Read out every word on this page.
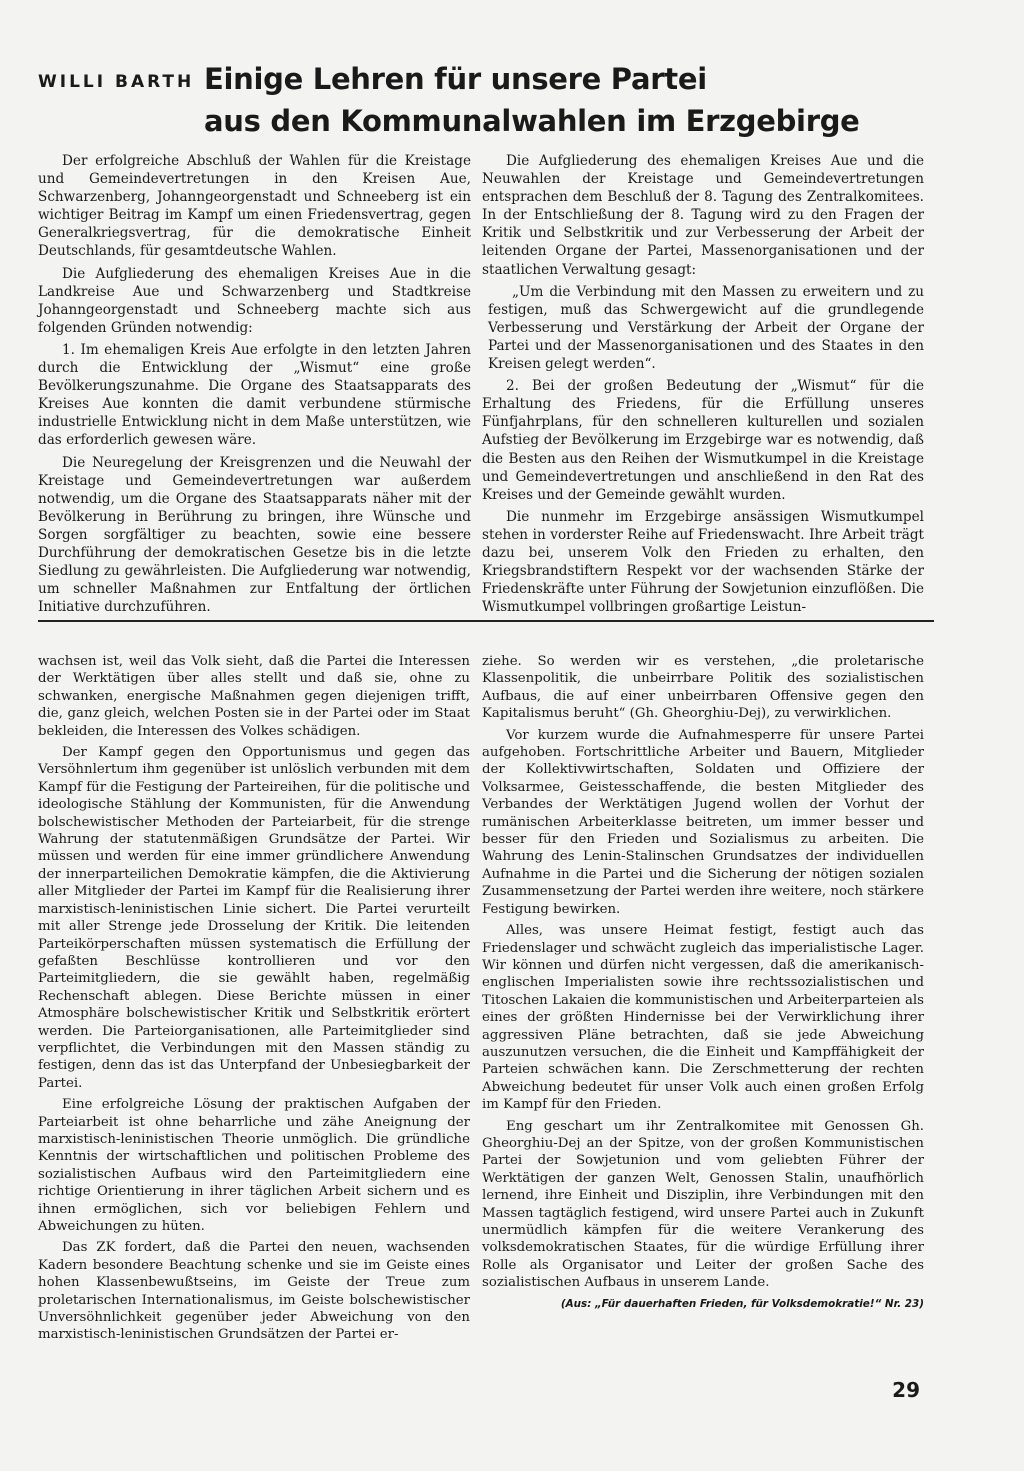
WILLI BARTH Einige Lehren für unsere Partei
aus den Kommunalwahlen im Erzgebirge

Der erfolgreiche Abschluß der Wahlen für die Kreistage und Gemeindevertretungen in den Kreisen Aue, Schwarzenberg, Johanngeorgenstadt und Schneeberg ist ein wichtiger Beitrag im Kampf um einen Friedensvertrag, gegen Generalkriegsvertrag, für die demokratische Einheit Deutschlands, für gesamtdeutsche Wahlen.

Die Aufgliederung des ehemaligen Kreises Aue in die Landkreise Aue und Schwarzenberg und Stadtkreise Johanngeorgenstadt und Schneeberg machte sich aus folgenden Gründen notwendig:

1. Im ehemaligen Kreis Aue erfolgte in den letzten Jahren durch die Entwicklung der „Wismut“ eine große Bevölkerungszunahme. Die Organe des Staatsapparats des Kreises Aue konnten die damit verbundene stürmische industrielle Entwicklung nicht in dem Maße unterstützen, wie das erforderlich gewesen wäre.

Die Neuregelung der Kreisgrenzen und die Neuwahl der Kreistage und Gemeindevertretungen war außerdem notwendig, um die Organe des Staatsapparats näher mit der Bevölkerung in Berührung zu bringen, ihre Wünsche und Sorgen sorgfältiger zu beachten, sowie eine bessere Durchführung der demokratischen Gesetze bis in die letzte Siedlung zu gewährleisten. Die Aufgliederung war notwendig, um schneller Maßnahmen zur Entfaltung der örtlichen Initiative durchzuführen.

Die Aufgliederung des ehemaligen Kreises Aue und die Neuwahlen der Kreistage und Gemeindevertretungen entsprachen dem Beschluß der 8. Tagung des Zentralkomitees. In der Entschließung der 8. Tagung wird zu den Fragen der Kritik und Selbstkritik und zur Verbesserung der Arbeit der leitenden Organe der Partei, Massenorganisationen und der staatlichen Verwaltung gesagt:

„Um die Verbindung mit den Massen zu erweitern und zu festigen, muß das Schwergewicht auf die grundlegende Verbesserung und Verstärkung der Arbeit der Organe der Partei und der Massenorganisationen und des Staates in den Kreisen gelegt werden“.

2. Bei der großen Bedeutung der „Wismut“ für die Erhaltung des Friedens, für die Erfüllung unseres Fünfjahrplans, für den schnelleren kulturellen und sozialen Aufstieg der Bevölkerung im Erzgebirge war es notwendig, daß die Besten aus den Reihen der Wismutkumpel in die Kreistage und Gemeindevertretungen und anschließend in den Rat des Kreises und der Gemeinde gewählt wurden.

Die nunmehr im Erzgebirge ansässigen Wismutkumpel stehen in vorderster Reihe auf Friedenswacht. Ihre Arbeit trägt dazu bei, unserem Volk den Frieden zu erhalten, den Kriegsbrandstiftern Respekt vor der wachsenden Stärke der Friedenskräfte unter Führung der Sowjetunion einzuflößen. Die Wismutkumpel vollbringen großartige Leistun-

wachsen ist, weil das Volk sieht, daß die Partei die Interessen der Werktätigen über alles stellt und daß sie, ohne zu schwanken, energische Maßnahmen gegen diejenigen trifft, die, ganz gleich, welchen Posten sie in der Partei oder im Staat bekleiden, die Interessen des Volkes schädigen.

Der Kampf gegen den Opportunismus und gegen das Versöhnlertum ihm gegenüber ist unlöslich verbunden mit dem Kampf für die Festigung der Parteireihen, für die politische und ideologische Stählung der Kommunisten, für die Anwendung bolschewistischer Methoden der Parteiarbeit, für die strenge Wahrung der statutenmäßigen Grundsätze der Partei. Wir müssen und werden für eine immer gründlichere Anwendung der innerparteilichen Demokratie kämpfen, die die Aktivierung aller Mitglieder der Partei im Kampf für die Realisierung ihrer marxistisch-leninistischen Linie sichert. Die Partei verurteilt mit aller Strenge jede Drosselung der Kritik. Die leitenden Parteikörperschaften müssen systematisch die Erfüllung der gefaßten Beschlüsse kontrollieren und vor den Parteimitgliedern, die sie gewählt haben, regelmäßig Rechenschaft ablegen. Diese Berichte müssen in einer Atmosphäre bolschewistischer Kritik und Selbstkritik erörtert werden. Die Parteiorganisationen, alle Parteimitglieder sind verpflichtet, die Verbindungen mit den Massen ständig zu festigen, denn das ist das Unterpfand der Unbesiegbarkeit der Partei.

Eine erfolgreiche Lösung der praktischen Aufgaben der Parteiarbeit ist ohne beharrliche und zähe Aneignung der marxistisch-leninistischen Theorie unmöglich. Die gründliche Kenntnis der wirtschaftlichen und politischen Probleme des sozialistischen Aufbaus wird den Parteimitgliedern eine richtige Orientierung in ihrer täglichen Arbeit sichern und es ihnen ermöglichen, sich vor beliebigen Fehlern und Abweichungen zu hüten.

Das ZK fordert, daß die Partei den neuen, wachsenden Kadern besondere Beachtung schenke und sie im Geiste eines hohen Klassenbewußtseins, im Geiste der Treue zum proletarischen Internationalismus, im Geiste bolschewistischer Unversöhnlichkeit gegenüber jeder Abweichung von den marxistisch-leninistischen Grundsätzen der Partei er-

ziehe. So werden wir es verstehen, „die proletarische Klassenpolitik, die unbeirrbare Politik des sozialistischen Aufbaus, die auf einer unbeirrbaren Offensive gegen den Kapitalismus beruht“ (Gh. Gheorghiu-Dej), zu verwirklichen.

Vor kurzem wurde die Aufnahmesperre für unsere Partei aufgehoben. Fortschrittliche Arbeiter und Bauern, Mitglieder der Kollektivwirtschaften, Soldaten und Offiziere der Volksarmee, Geistesschaffende, die besten Mitglieder des Verbandes der Werktätigen Jugend wollen der Vorhut der rumänischen Arbeiterklasse beitreten, um immer besser und besser für den Frieden und Sozialismus zu arbeiten. Die Wahrung des Lenin-Stalinschen Grundsatzes der individuellen Aufnahme in die Partei und die Sicherung der nötigen sozialen Zusammensetzung der Partei werden ihre weitere, noch stärkere Festigung bewirken.

Alles, was unsere Heimat festigt, festigt auch das Friedenslager und schwächt zugleich das imperialistische Lager. Wir können und dürfen nicht vergessen, daß die amerikanisch-englischen Imperialisten sowie ihre rechtssozialistischen und Titoschen Lakaien die kommunistischen und Arbeiterparteien als eines der größten Hindernisse bei der Verwirklichung ihrer aggressiven Pläne betrachten, daß sie jede Abweichung auszunutzen versuchen, die die Einheit und Kampffähigkeit der Parteien schwächen kann. Die Zerschmetterung der rechten Abweichung bedeutet für unser Volk auch einen großen Erfolg im Kampf für den Frieden.

Eng geschart um ihr Zentralkomitee mit Genossen Gh. Gheorghiu-Dej an der Spitze, von der großen Kommunistischen Partei der Sowjetunion und vom geliebten Führer der Werktätigen der ganzen Welt, Genossen Stalin, unaufhörlich lernend, ihre Einheit und Disziplin, ihre Verbindungen mit den Massen tagtäglich festigend, wird unsere Partei auch in Zukunft unermüdlich kämpfen für die weitere Verankerung des volksdemokratischen Staates, für die würdige Erfüllung ihrer Rolle als Organisator und Leiter der großen Sache des sozialistischen Aufbaus in unserem Lande.

(Aus: „Für dauerhaften Frieden, für Volksdemokratie!“ Nr. 23)

29
